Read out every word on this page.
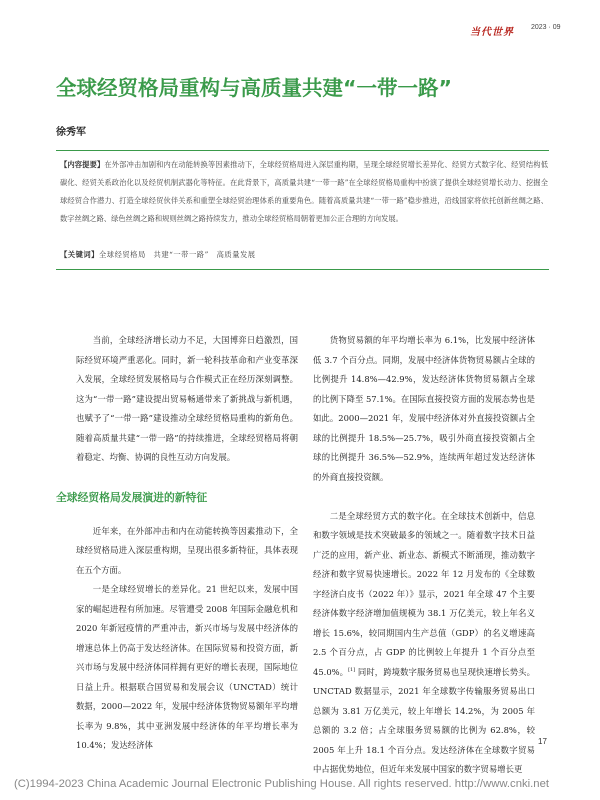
当代世界 2023 · 09
全球经贸格局重构与高质量共建“一带一路”
徐秀军
【内容提要】在外部冲击加剧和内在动能转换等因素推动下，全球经贸格局进入深层重构期，呈现全球经贸增长差异化、经贸方式数字化、经贸结构低碳化、经贸关系政治化以及经贸机制武器化等特征。在此背景下，高质量共建“一带一路”在全球经贸格局重构中扮演了提供全球经贸增长动力、挖掘全球经贸合作潜力、打造全球经贸伙伴关系和重塑全球经贸治理体系的重要角色。随着高质量共建“一带一路”稳步推进，沿线国家将依托创新丝绸之路、数字丝绸之路、绿色丝绸之路和规则丝绸之路持续发力，推动全球经贸格局朝着更加公正合理的方向发展。
【关键词】全球经贸格局　共建“一带一路”　高质量发展

当前，全球经济增长动力不足，大国博弈日趋激烈，国际经贸环境严重恶化。同时，新一轮科技革命和产业变革深入发展，全球经贸发展格局与合作模式正在经历深刻调整。这为“一带一路”建设提出贸易畅通带来了新挑战与新机遇，也赋予了“一带一路”建设推动全球经贸格局重构的新角色。随着高质量共建“一带一路”的持续推进，全球经贸格局将朝着稳定、均衡、协调的良性互动方向发展。

全球经贸格局发展演进的新特征

近年来，在外部冲击和内在动能转换等因素推动下，全球经贸格局进入深层重构期，呈现出很多新特征，具体表现在五个方面。

一是全球经贸增长的差异化。21 世纪以来，发展中国家的崛起进程有所加速。尽管遭受 2008 年国际金融危机和 2020 年新冠疫情的严重冲击，新兴市场与发展中经济体的增速总体上仍高于发达经济体。在国际贸易和投资方面，新兴市场与发展中经济体同样拥有更好的增长表现，国际地位日益上升。根据联合国贸易和发展会议（UNCTAD）统计数据，2000—2022 年，发展中经济体货物贸易额年平均增长率为 9.8%，其中亚洲发展中经济体的年平均增长率为 10.4%；发达经济体

货物贸易额的年平均增长率为 6.1%，比发展中经济体低 3.7 个百分点。同期，发展中经济体货物贸易额占全球的比例提升 14.8%—42.9%，发达经济体货物贸易额占全球的比例下降至 57.1%。在国际直接投资方面的发展态势也是如此。2000—2021 年，发展中经济体对外直接投资额占全球的比例提升 18.5%—25.7%，吸引外商直接投资额占全球的比例提升 36.5%—52.9%，连续两年超过发达经济体的外商直接投资额。

二是全球经贸方式的数字化。在全球技术创新中，信息和数字领域是技术突破最多的领域之一。随着数字技术日益广泛的应用，新产业、新业态、新模式不断涌现，推动数字经济和数字贸易快速增长。2022 年 12 月发布的《全球数字经济白皮书（2022 年）》显示，2021 年全球 47 个主要经济体数字经济增加值规模为 38.1 万亿美元，较上年名义增长 15.6%，较同期国内生产总值（GDP）的名义增速高 2.5 个百分点，占 GDP 的比例较上年提升 1 个百分点至 45.0%。[1] 同时，跨境数字服务贸易也呈现快速增长势头。UNCTAD 数据显示，2021 年全球数字传输服务贸易出口总额为 3.81 万亿美元，较上年增长 14.2%，为 2005 年总额的 3.2 倍；占全球服务贸易额的比例为 62.8%，较 2005 年上升 18.1 个百分点。发达经济体在全球数字贸易中占据优势地位，但近年来发展中国家的数字贸易增长更

17
(C)1994-2023 China Academic Journal Electronic Publishing House. All rights reserved. http://www.cnki.net
